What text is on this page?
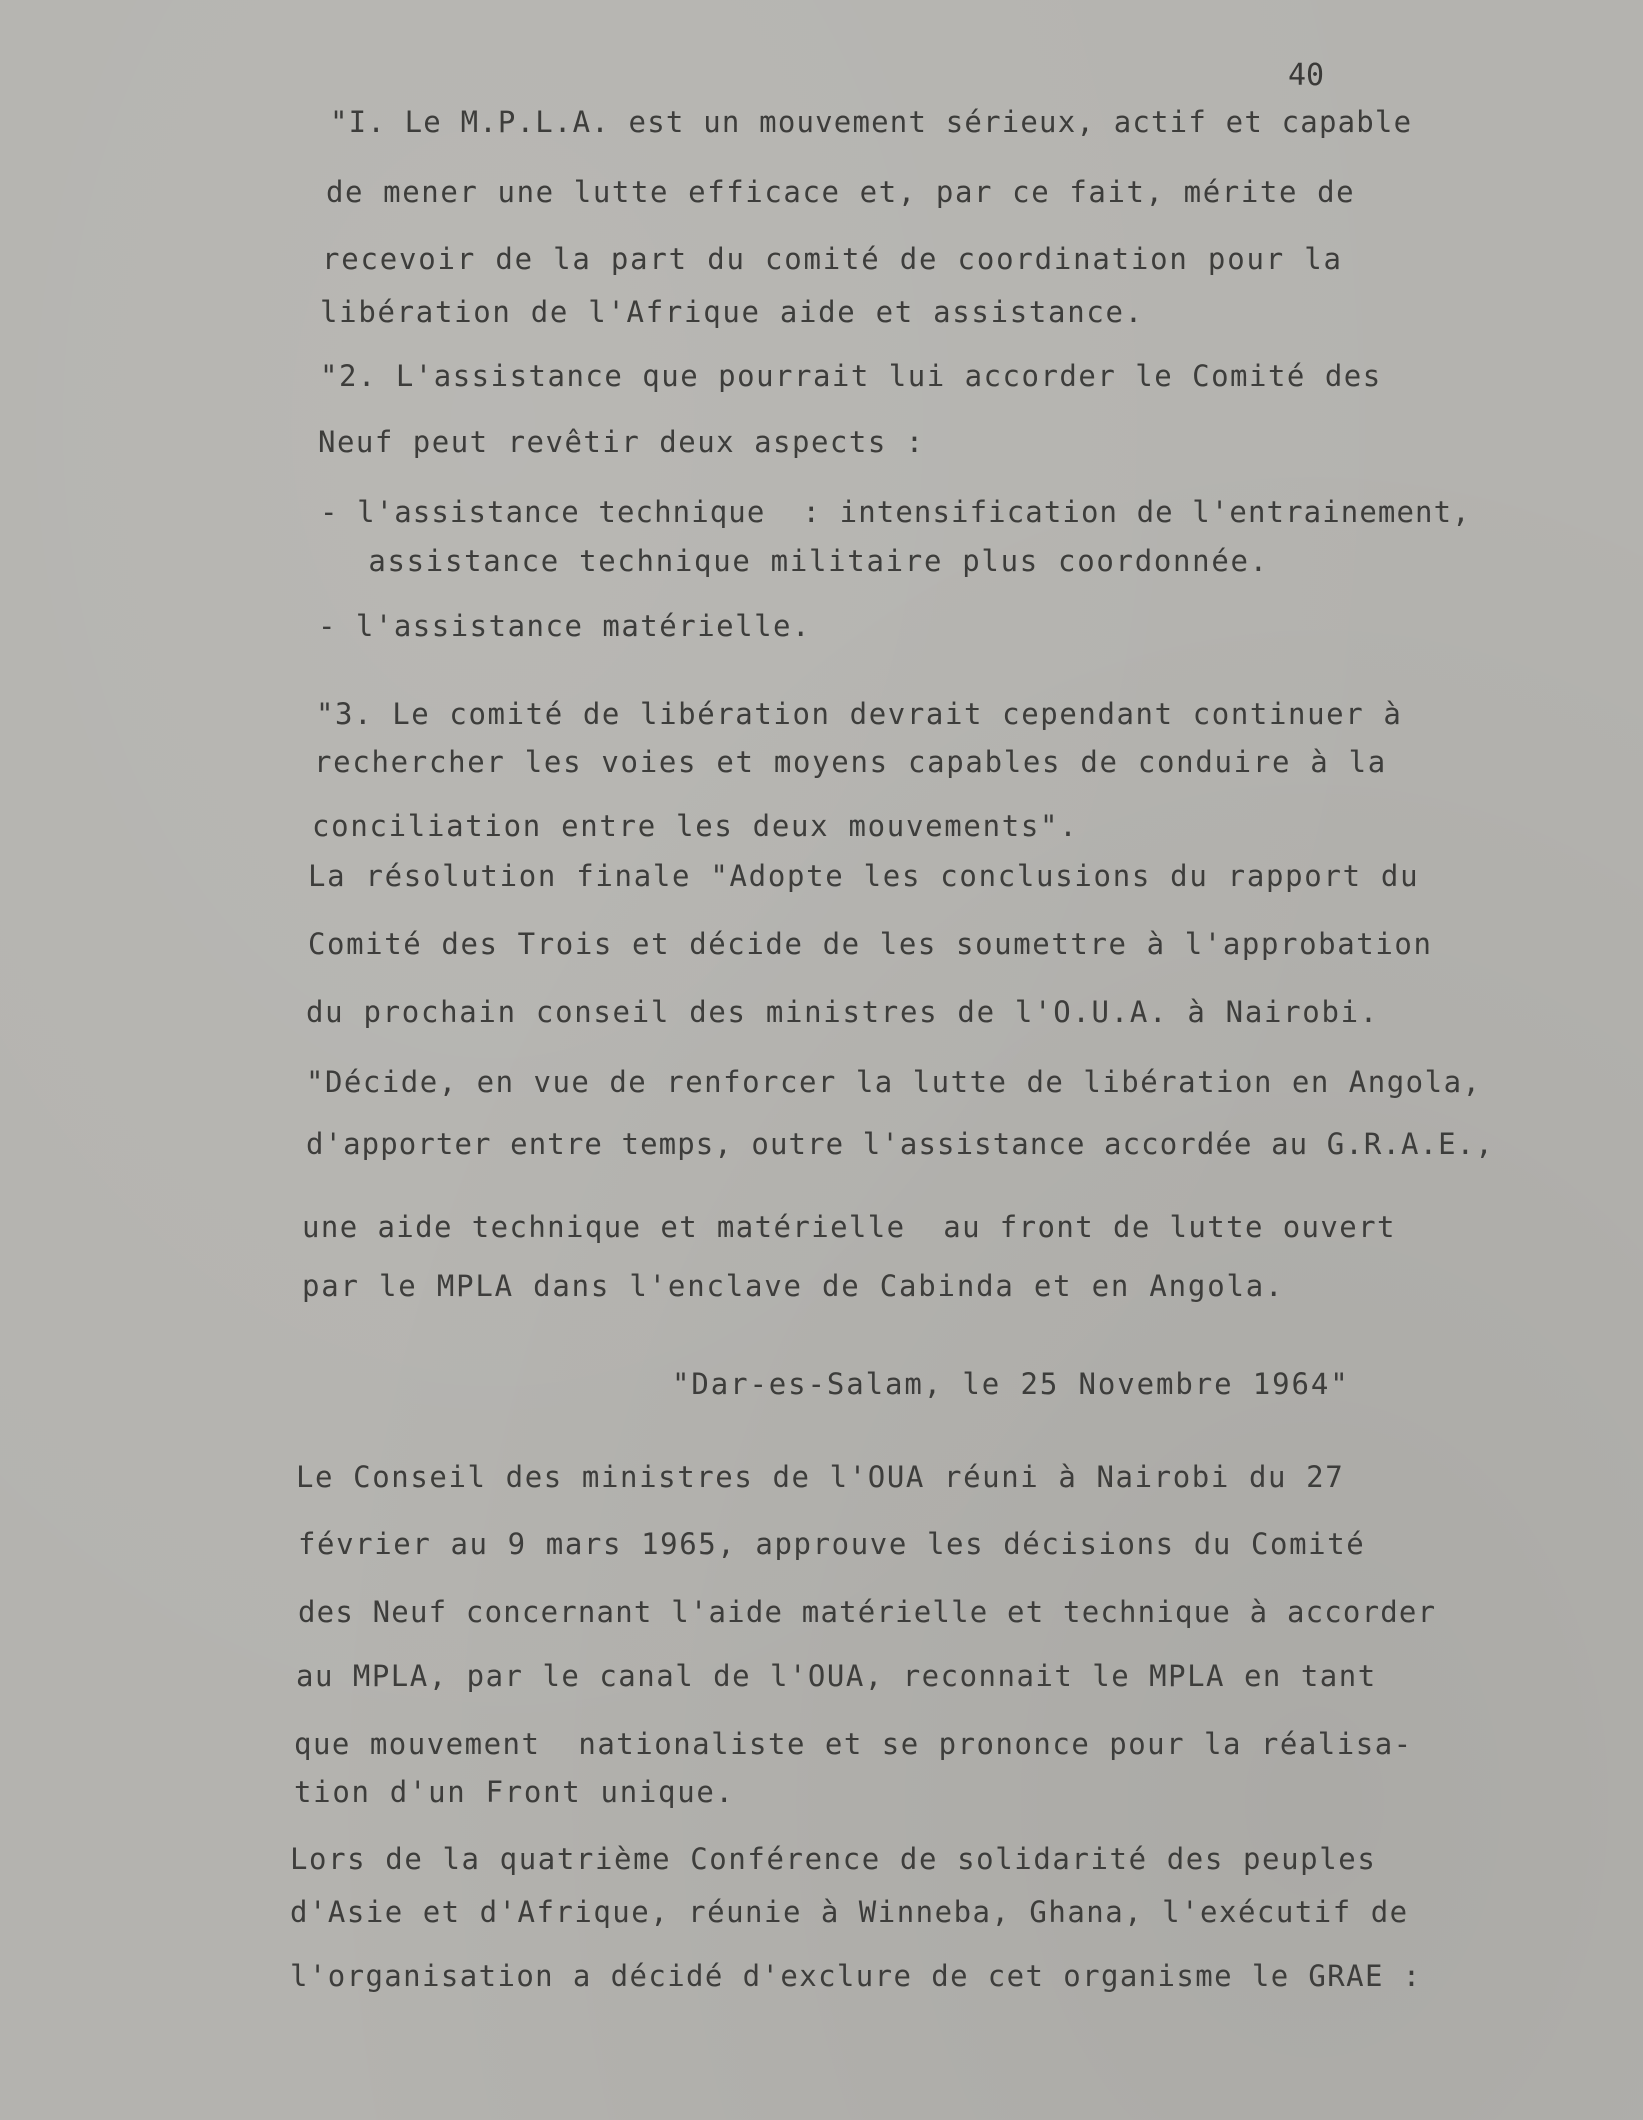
40
"I. Le M.P.L.A. est un mouvement sérieux, actif et capable
de mener une lutte efficace et, par ce fait, mérite de
recevoir de la part du comité de coordination pour la
libération de l'Afrique aide et assistance.
"2. L'assistance que pourrait lui accorder le Comité des
Neuf peut revêtir deux aspects :
- l'assistance technique  : intensification de l'entrainement,
assistance technique militaire plus coordonnée.
- l'assistance matérielle.
"3. Le comité de libération devrait cependant continuer à
rechercher les voies et moyens capables de conduire à la
conciliation entre les deux mouvements".
La résolution finale "Adopte les conclusions du rapport du
Comité des Trois et décide de les soumettre à l'approbation
du prochain conseil des ministres de l'O.U.A. à Nairobi.
"Décide, en vue de renforcer la lutte de libération en Angola,
d'apporter entre temps, outre l'assistance accordée au G.R.A.E.,
une aide technique et matérielle  au front de lutte ouvert
par le MPLA dans l'enclave de Cabinda et en Angola.
"Dar-es-Salam, le 25 Novembre 1964"
Le Conseil des ministres de l'OUA réuni à Nairobi du 27
février au 9 mars 1965, approuve les décisions du Comité
des Neuf concernant l'aide matérielle et technique à accorder
au MPLA, par le canal de l'OUA, reconnait le MPLA en tant
que mouvement  nationaliste et se prononce pour la réalisa-
tion d'un Front unique.
Lors de la quatrième Conférence de solidarité des peuples
d'Asie et d'Afrique, réunie à Winneba, Ghana, l'exécutif de
l'organisation a décidé d'exclure de cet organisme le GRAE :
